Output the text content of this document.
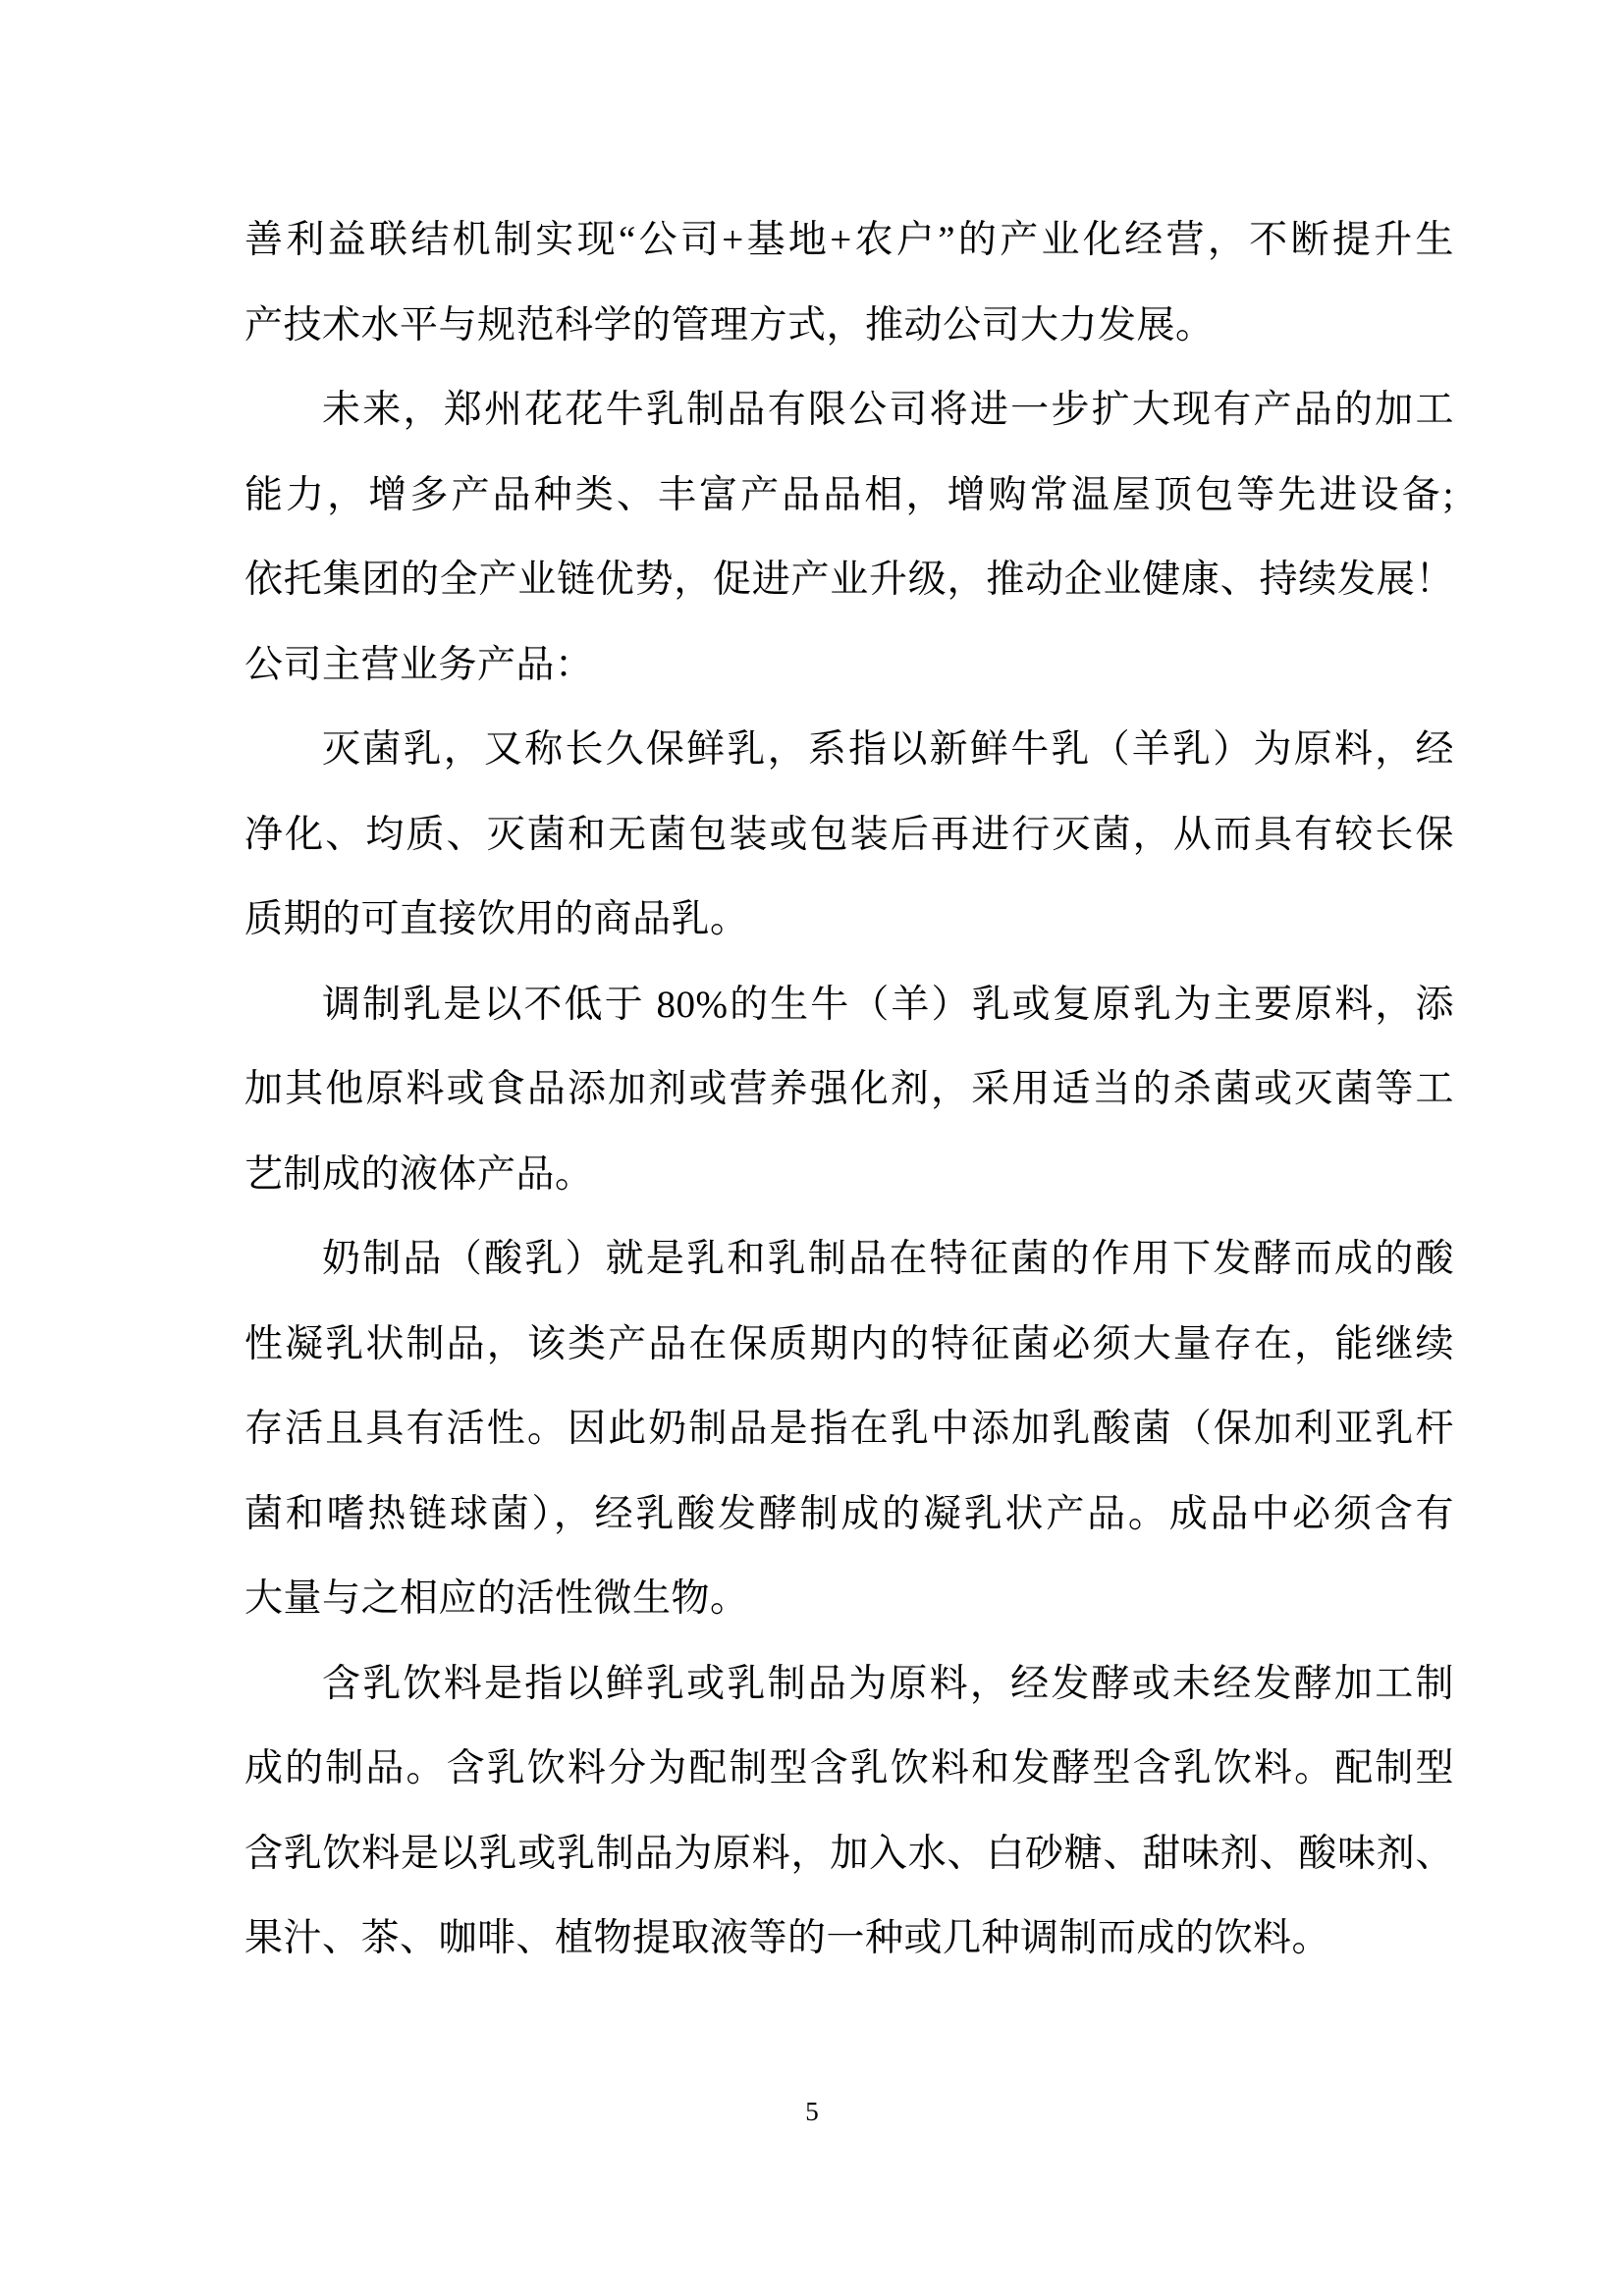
善利益联结机制实现“公司+基地+农户”的产业化经营，不断提升生
产技术水平与规范科学的管理方式，推动公司大力发展。
未来，郑州花花牛乳制品有限公司将进一步扩大现有产品的加工
能力，增多产品种类、丰富产品品相，增购常温屋顶包等先进设备;
依托集团的全产业链优势，促进产业升级，推动企业健康、持续发展！
公司主营业务产品：
灭菌乳，又称长久保鲜乳，系指以新鲜牛乳（羊乳）为原料，经
净化、均质、灭菌和无菌包装或包装后再进行灭菌，从而具有较长保
质期的可直接饮用的商品乳。
调制乳是以不低于 80%的生牛（羊）乳或复原乳为主要原料，添
加其他原料或食品添加剂或营养强化剂，采用适当的杀菌或灭菌等工
艺制成的液体产品。
奶制品（酸乳）就是乳和乳制品在特征菌的作用下发酵而成的酸
性凝乳状制品，该类产品在保质期内的特征菌必须大量存在，能继续
存活且具有活性。因此奶制品是指在乳中添加乳酸菌（保加利亚乳杆
菌和嗜热链球菌），经乳酸发酵制成的凝乳状产品。成品中必须含有
大量与之相应的活性微生物。
含乳饮料是指以鲜乳或乳制品为原料，经发酵或未经发酵加工制
成的制品。含乳饮料分为配制型含乳饮料和发酵型含乳饮料。配制型
含乳饮料是以乳或乳制品为原料，加入水、白砂糖、甜味剂、酸味剂、
果汁、茶、咖啡、植物提取液等的一种或几种调制而成的饮料。
5
